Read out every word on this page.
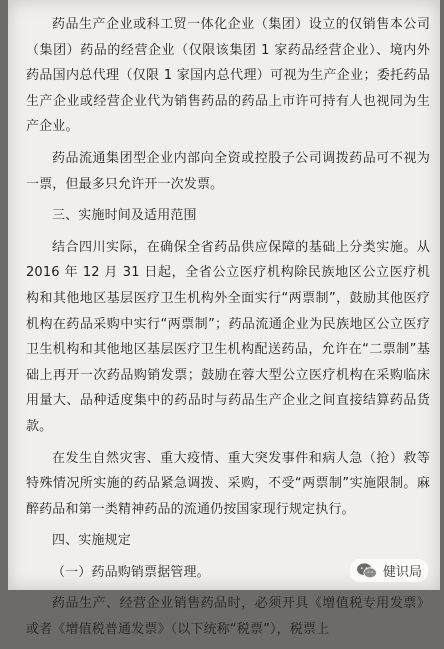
药品生产企业或科工贸一体化企业（集团）设立的仅销售本公司（集团）药品的经营企业（仅限该集团 1 家药品经营企业）、境内外药品国内总代理（仅限 1 家国内总代理）可视为生产企业；委托药品生产企业或经营企业代为销售药品的药品上市许可持有人也视同为生产企业。

药品流通集团型企业内部向全资或控股子公司调拨药品可不视为一票，但最多只允许开一次发票。

三、实施时间及适用范围

结合四川实际，在确保全省药品供应保障的基础上分类实施。从 2016 年 12 月 31 日起，全省公立医疗机构除民族地区公立医疗机构和其他地区基层医疗卫生机构外全面实行“两票制”，鼓励其他医疗机构在药品采购中实行“两票制”；药品流通企业为民族地区公立医疗卫生机构和其他地区基层医疗卫生机构配送药品，允许在“二票制”基础上再开一次药品购销发票；鼓励在蓉大型公立医疗机构在采购临床用量大、品种适度集中的药品时与药品生产企业之间直接结算药品货款。

在发生自然灾害、重大疫情、重大突发事件和病人急（抢）救等特殊情况所实施的药品紧急调拨、采购，不受“两票制”实施限制。麻醉药品和第一类精神药品的流通仍按国家现行规定执行。

四、实施规定

（一）药品购销票据管理。

药品生产、经营企业销售药品时，必须开具《增值税专用发票》或者《增值税普通发票》（以下统称“税票”），税票上

健识局
